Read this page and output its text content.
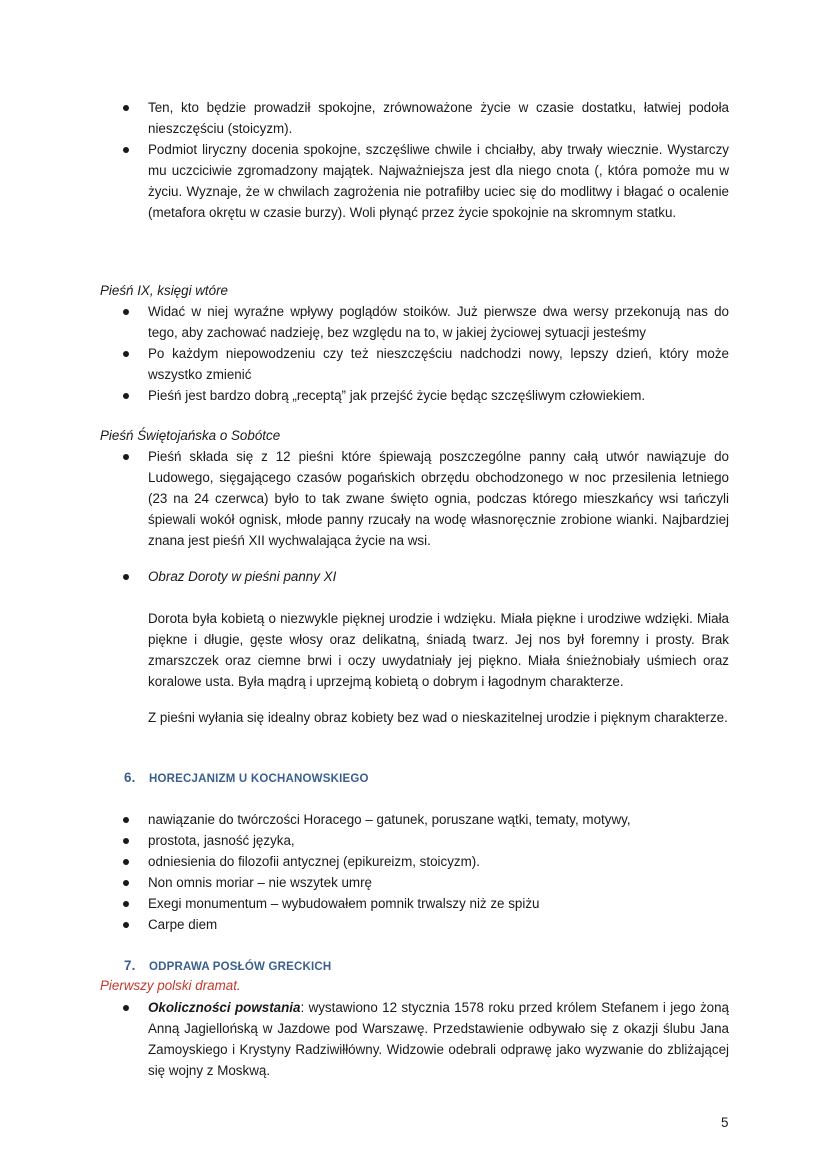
Ten, kto będzie prowadził spokojne, zrównoważone życie w czasie dostatku, łatwiej podoła nieszczęściu (stoicyzm).
Podmiot liryczny docenia spokojne, szczęśliwe chwile i chciałby, aby trwały wiecznie. Wystarczy mu uczciciwie zgromadzony majątek. Najważniejsza jest dla niego cnota (, która pomoże mu w życiu. Wyznaje, że w chwilach zagrożenia nie potrafiłby uciec się do modlitwy i błagać o ocalenie (metafora okrętu w czasie burzy). Woli płynąć przez życie spokojnie na skromnym statku.
Pieśń IX, księgi wtóre
Widać w niej wyraźne wpływy poglądów stoików. Już pierwsze dwa wersy przekonują nas do tego, aby zachować nadzieję, bez względu na to, w jakiej życiowej sytuacji jesteśmy
Po każdym niepowodzeniu czy też nieszczęściu nadchodzi nowy, lepszy dzień, który może wszystko zmienić
Pieśń jest bardzo dobrą „receptą” jak przejść życie będąc szczęśliwym człowiekiem.
Pieśń Świętojańska o Sobótce
Pieśń składa się z 12 pieśni które śpiewają poszczególne panny całą utwór nawiązuje do Ludowego, sięgającego czasów pogańskich obrzędu obchodzonego w noc przesilenia letniego (23 na 24 czerwca) było to tak zwane święto ognia, podczas którego mieszkańcy wsi tańczyli śpiewali wokół ognisk, młode panny rzucały na wodę własnoręcznie zrobione wianki. Najbardziej znana jest pieśń XII wychwalająca życie na wsi.
Obraz Doroty w pieśni panny XI
Dorota była kobietą o niezwykle pięknej urodzie i wdzięku. Miała piękne i urodziwe wdzięki. Miała piękne i długie, gęste włosy oraz delikatną, śniadą twarz. Jej nos był foremny i prosty. Brak zmarszczek oraz ciemne brwi i oczy uwydatniały jej piękno. Miała śnieżnobiały uśmiech oraz koralowe usta. Była mądrą i uprzejmą kobietą o dobrym i łagodnym charakterze.
Z pieśni wyłania się idealny obraz kobiety bez wad o nieskazitelnej urodzie i pięknym charakterze.
6. HORECJANIZM U KOCHANOWSKIEGO
nawiązanie do twórczości Horacego – gatunek, poruszane wątki, tematy, motywy,
prostota, jasność języka,
odniesienia do filozofii antycznej (epikureizm, stoicyzm).
Non omnis moriar – nie wszytek umrę
Exegi monumentum – wybudowałem pomnik trwalszy niż ze spiżu
Carpe diem
7. ODPRAWA POSŁÓW GRECKICH
Pierwszy polski dramat.
Okoliczności powstania: wystawiono 12 stycznia 1578 roku przed królem Stefanem i jego żoną Anną Jagiellońską w Jazdowe pod Warszawę. Przedstawienie odbywało się z okazji ślubu Jana Zamoyskiego i Krystyny Radziwiłłówny. Widzowie odebrali odprawę jako wyzwanie do zbliżającej się wojny z Moskwą.
5
